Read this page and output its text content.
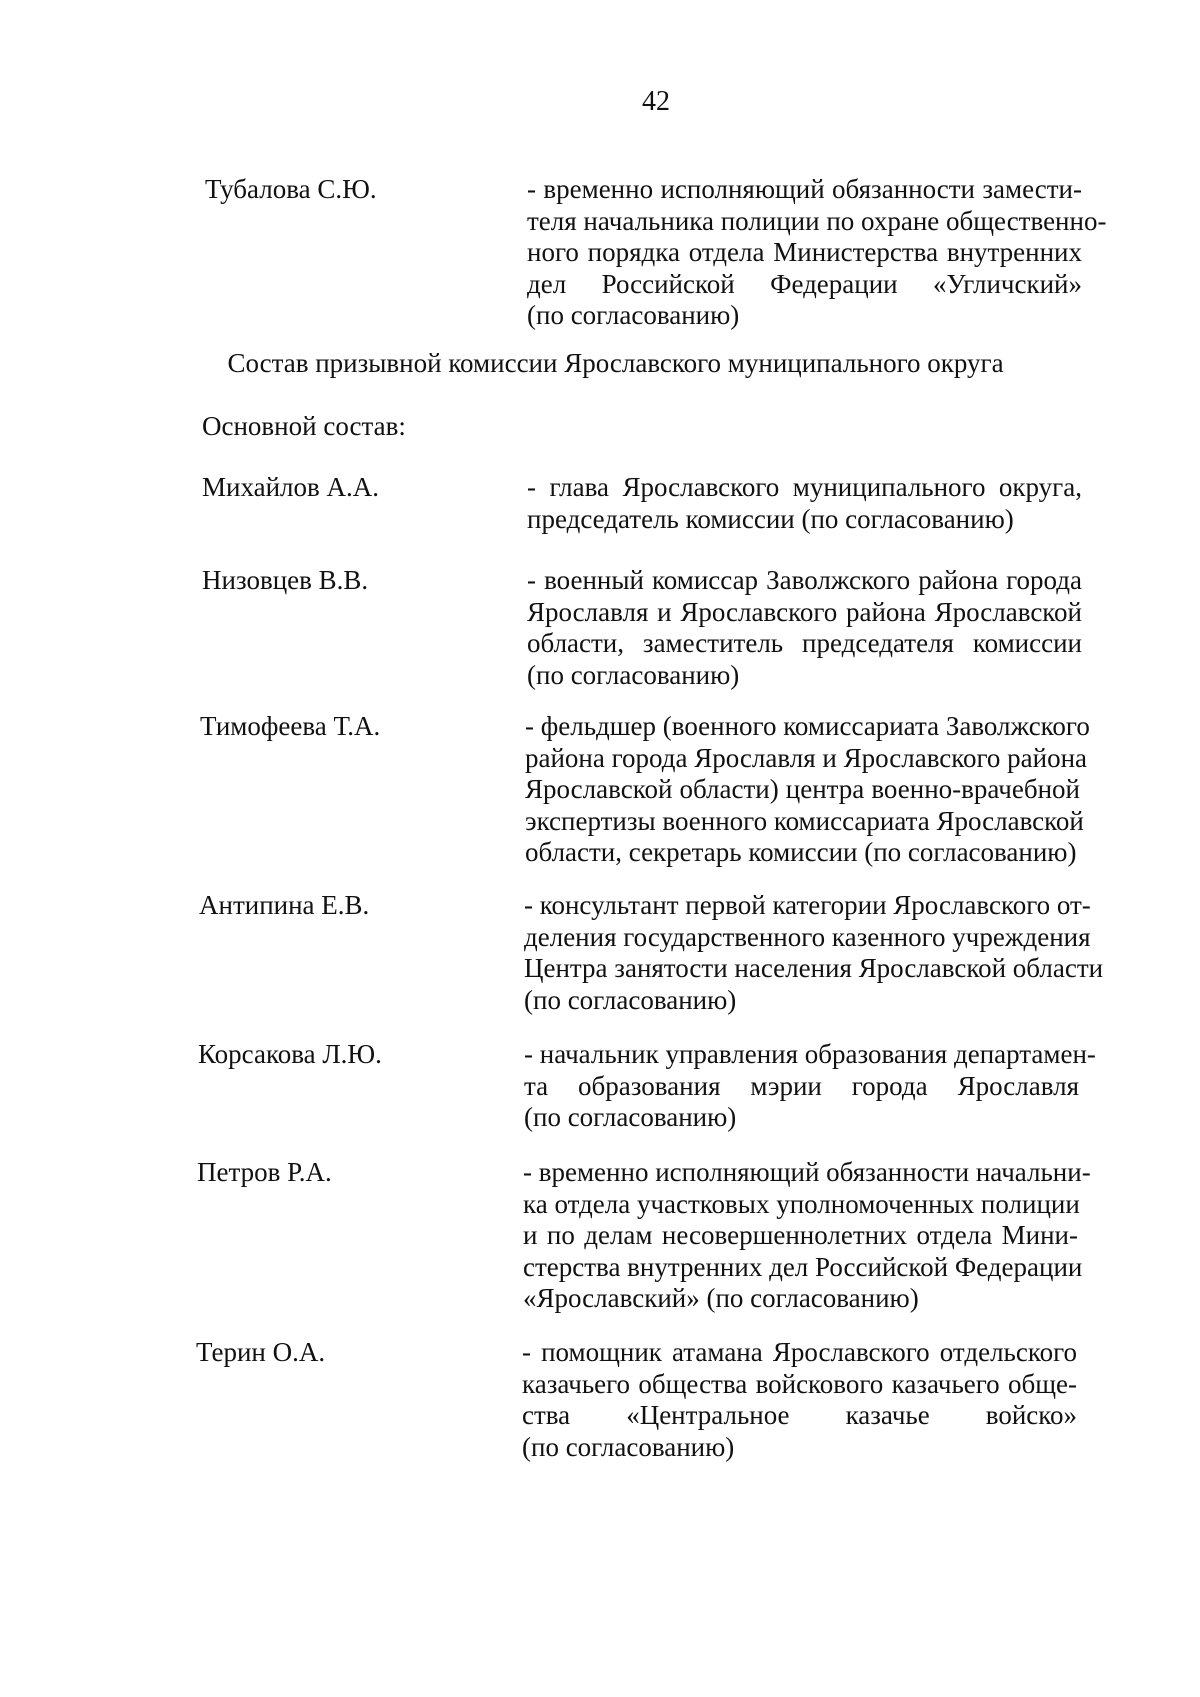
42
Тубалова С.Ю.	- временно исполняющий обязанности замести-
теля начальника полиции по охране общественно-
ного порядка отдела Министерства внутренних
дел Российской Федерации «Угличский»
(по согласованию)
Состав призывной комиссии Ярославского муниципального округа
Основной состав:
Михайлов А.А.	- глава Ярославского муниципального округа,
председатель комиссии (по согласованию)
Низовцев В.В.	- военный комиссар Заволжского района города
Ярославля и Ярославского района Ярославской
области, заместитель председателя комиссии
(по согласованию)
Тимофеева Т.А.	- фельдшер (военного комиссариата Заволжского
района города Ярославля и Ярославского района
Ярославской области) центра военно-врачебной
экспертизы военного комиссариата Ярославской
области, секретарь комиссии (по согласованию)
Антипина Е.В.	- консультант первой категории Ярославского от-
деления государственного казенного учреждения
Центра занятости населения Ярославской области
(по согласованию)
Корсакова Л.Ю.	- начальник управления образования департамен-
та образования мэрии города Ярославля
(по согласованию)
Петров Р.А.	- временно исполняющий обязанности начальни-
ка отдела участковых уполномоченных полиции
и по делам несовершеннолетних отдела Мини-
стерства внутренних дел Российской Федерации
«Ярославский» (по согласованию)
Терин О.А.	- помощник атамана Ярославского отдельского
казачьего общества войскового казачьего обще-
ства «Центральное казачье войско»
(по согласованию)
